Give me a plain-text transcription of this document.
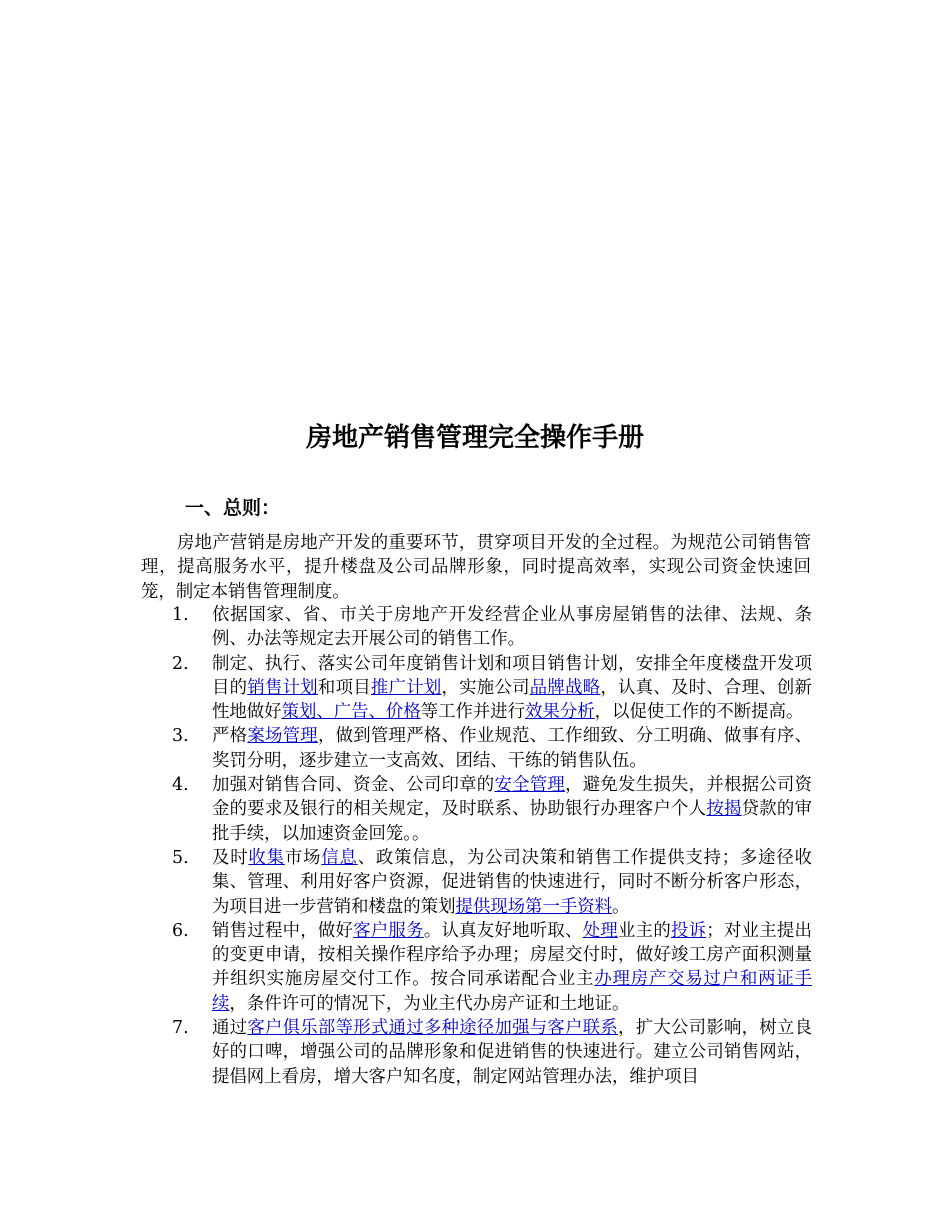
房地产销售管理完全操作手册
一、总则：

房地产营销是房地产开发的重要环节，贯穿项目开发的全过程。为规范公司销售管理，提高服务水平，提升楼盘及公司品牌形象，同时提高效率，实现公司资金快速回笼，制定本销售管理制度。

1.	依据国家、省、市关于房地产开发经营企业从事房屋销售的法律、法规、条例、办法等规定去开展公司的销售工作。
2.	制定、执行、落实公司年度销售计划和项目销售计划，安排全年度楼盘开发项目的销售计划和项目推广计划，实施公司品牌战略，认真、及时、合理、创新性地做好策划、广告、价格等工作并进行效果分析，以促使工作的不断提高。
3.	严格案场管理，做到管理严格、作业规范、工作细致、分工明确、做事有序、奖罚分明，逐步建立一支高效、团结、干练的销售队伍。
4.	加强对销售合同、资金、公司印章的安全管理，避免发生损失，并根据公司资金的要求及银行的相关规定，及时联系、协助银行办理客户个人按揭贷款的审批手续，以加速资金回笼。。
5.	及时收集市场信息、政策信息，为公司决策和销售工作提供支持；多途径收集、管理、利用好客户资源，促进销售的快速进行，同时不断分析客户形态，为项目进一步营销和楼盘的策划提供现场第一手资料。
6.	销售过程中，做好客户服务。认真友好地听取、处理业主的投诉；对业主提出的变更申请，按相关操作程序给予办理；房屋交付时，做好竣工房产面积测量并组织实施房屋交付工作。按合同承诺配合业主办理房产交易过户和两证手续，条件许可的情况下，为业主代办房产证和土地证。
7.	通过客户俱乐部等形式通过多种途径加强与客户联系，扩大公司影响，树立良好的口啤，增强公司的品牌形象和促进销售的快速进行。建立公司销售网站，提倡网上看房，增大客户知名度，制定网站管理办法，维护项目
